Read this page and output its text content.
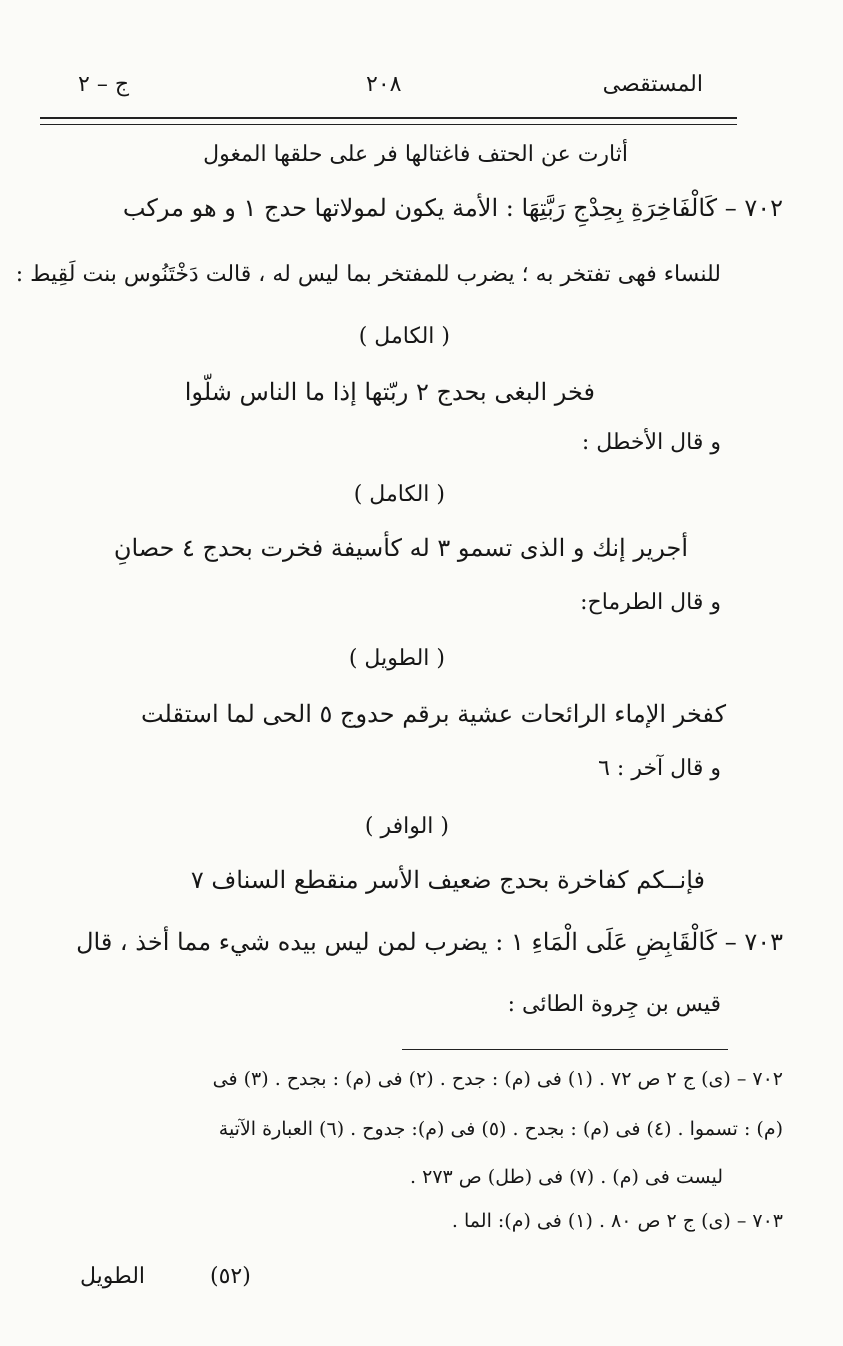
المستقصى
٢٠٨
ج – ٢
أثارت عن الحتف فاغتالها فر على حلقها المغول
٧٠٢ – كَالْفَاخِرَةِ بِحِدْجِ رَبَّتِهَا : الأمة يكون لمولاتها حدج ١ و هو مركب
للنساء فهى تفتخر به ؛ يضرب للمفتخر بما ليس له ، قالت دَخْتَنُوس بنت لَقِيط :
( الكامل )
فخر البغى بحدج ٢ ربّتها إذا ما الناس شلّوا
و قال الأخطل :
( الكامل )
أجرير إنك و الذى تسمو ٣ له كأسيفة فخرت بحدج ٤ حصانِ
و قال الطرماح:
( الطويل )
كفخر الإماء الرائحات عشية برقم حدوج ٥ الحى لما استقلت
و قال آخر : ٦
( الوافر )
فإنــكم كفاخرة بحدج ضعيف الأسر منقطع السناف ٧
٧٠٣ – كَالْقَابِضِ عَلَى الْمَاءِ ١ : يضرب لمن ليس بيده شيء مما أخذ ، قال
قيس بن جِروة الطائى :
٧٠٢ – (ى) ج ٢ ص ٧٢ . (١) فى (م) : جدح . (٢) فى (م) : بجدح . (٣) فى
(م) : تسموا . (٤) فى (م) : بجدح . (٥) فى (م): جدوح . (٦) العبارة الآتية
ليست فى (م) . (٧) فى (طل) ص ٢٧٣ .
٧٠٣ – (ى) ج ٢ ص ٨٠ . (١) فى (م): الما .
(٥٢)
الطويل
